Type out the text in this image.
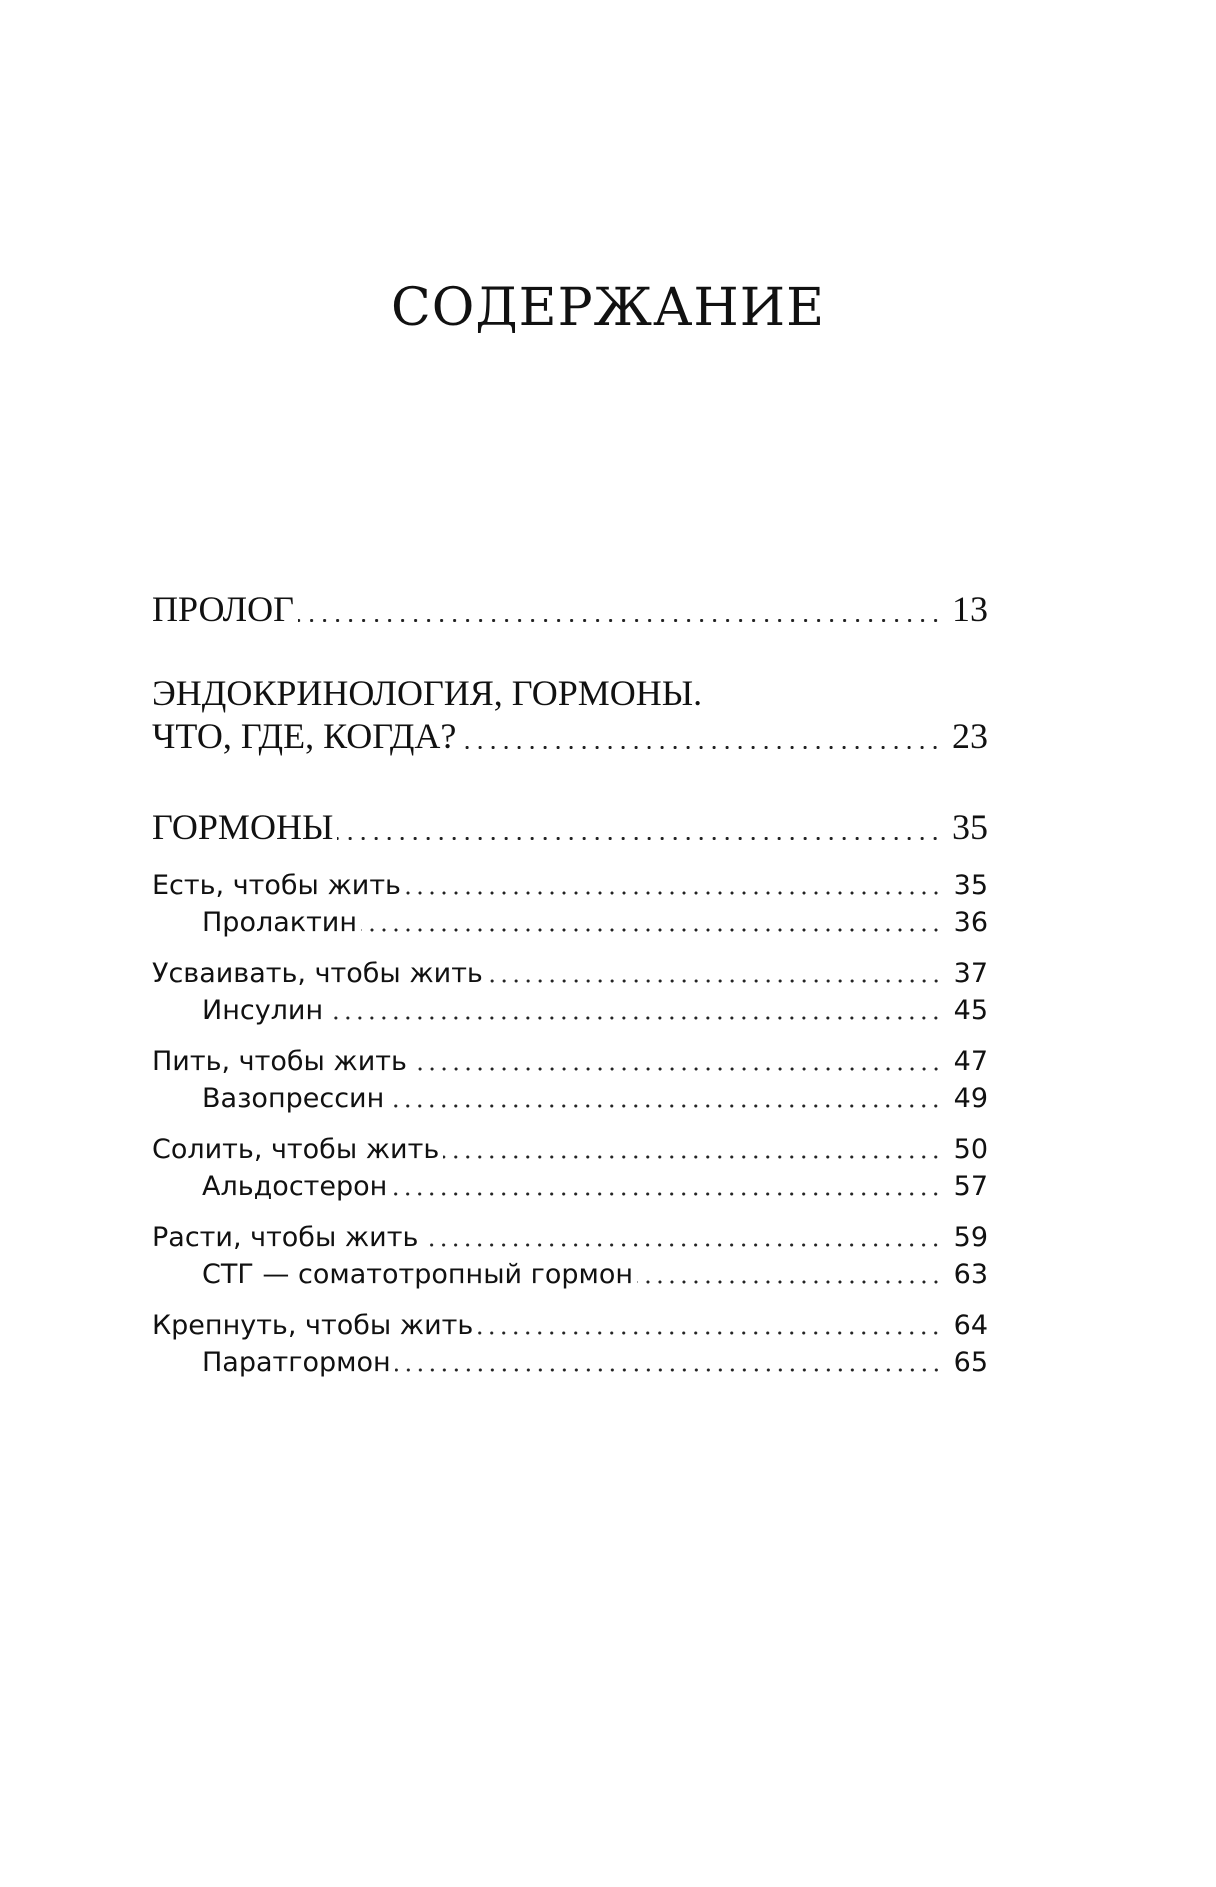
СОДЕРЖАНИЕ
ПРОЛОГ	13
ЭНДОКРИНОЛОГИЯ, ГОРМОНЫ.
ЧТО, ГДЕ, КОГДА?	23
ГОРМОНЫ	35
Есть, чтобы жить	35
Пролактин	36
Усваивать, чтобы жить	37
Инсулин	45
Пить, чтобы жить	47
Вазопрессин	49
Солить, чтобы жить	50
Альдостерон	57
Расти, чтобы жить	59
СТГ — соматотропный гормон	63
Крепнуть, чтобы жить	64
Паратгормон	65
